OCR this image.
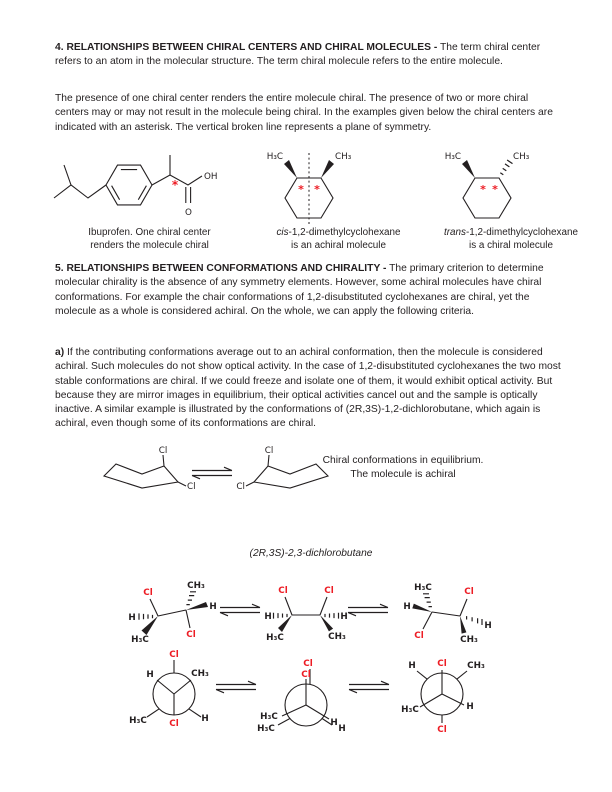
4. RELATIONSHIPS BETWEEN CHIRAL CENTERS AND CHIRAL MOLECULES - The term chiral center refers to an atom in the molecular structure. The term chiral molecule refers to the entire molecule.

The presence of one chiral center renders the entire molecule chiral. The presence of two or more chiral centers may or may not result in the molecule being chiral. In the examples given below the chiral centers are indicated with an asterisk. The vertical broken line represents a plane of symmetry.

OH
O
*
H₃C	CH₃
* *
H₃C	CH₃
* *
Ibuprofen. One chiral center
renders the molecule chiral
cis-1,2-dimethylcyclohexane
is an achiral molecule
trans-1,2-dimethylcyclohexane
is a chiral molecule

5. RELATIONSHIPS BETWEEN CONFORMATIONS AND CHIRALITY - The primary criterion to determine molecular chirality is the absence of any symmetry elements. However, some achiral molecules have chiral conformations. For example the chair conformations of 1,2-disubstituted cyclohexanes are chiral, yet the molecule as a whole is considered achiral. On the whole, we can apply the following criteria.

a) If the contributing conformations average out to an achiral conformation, then the molecule is considered achiral. Such molecules do not show optical activity. In the case of 1,2-disubstituted cyclohexanes the two most stable conformations are chiral. If we could freeze and isolate one of them, it would exhibit optical activity. But because they are mirror images in equilibrium, their optical activities cancel out and the sample is optically inactive. A similar example is illustrated by the conformations of (2R,3S)-1,2-dichlorobutane, which again is achiral, even though some of its conformations are chiral.

Cl
Cl
Cl
Cl
Chiral conformations in equilibrium.
The molecule is achiral
(2R,3S)-2,3-dichlorobutane
Cl
H
H₃C
CH₃
H
Cl
Cl	Cl
H	H
H₃C	CH₃
H₃C
H
Cl
Cl
H
CH₃
H	CH₃
Cl
Cl
H₃C	H
Cl
Cl
H₃C
H₃C
H
H
Cl
H	CH₃
H₃C	H
Cl
